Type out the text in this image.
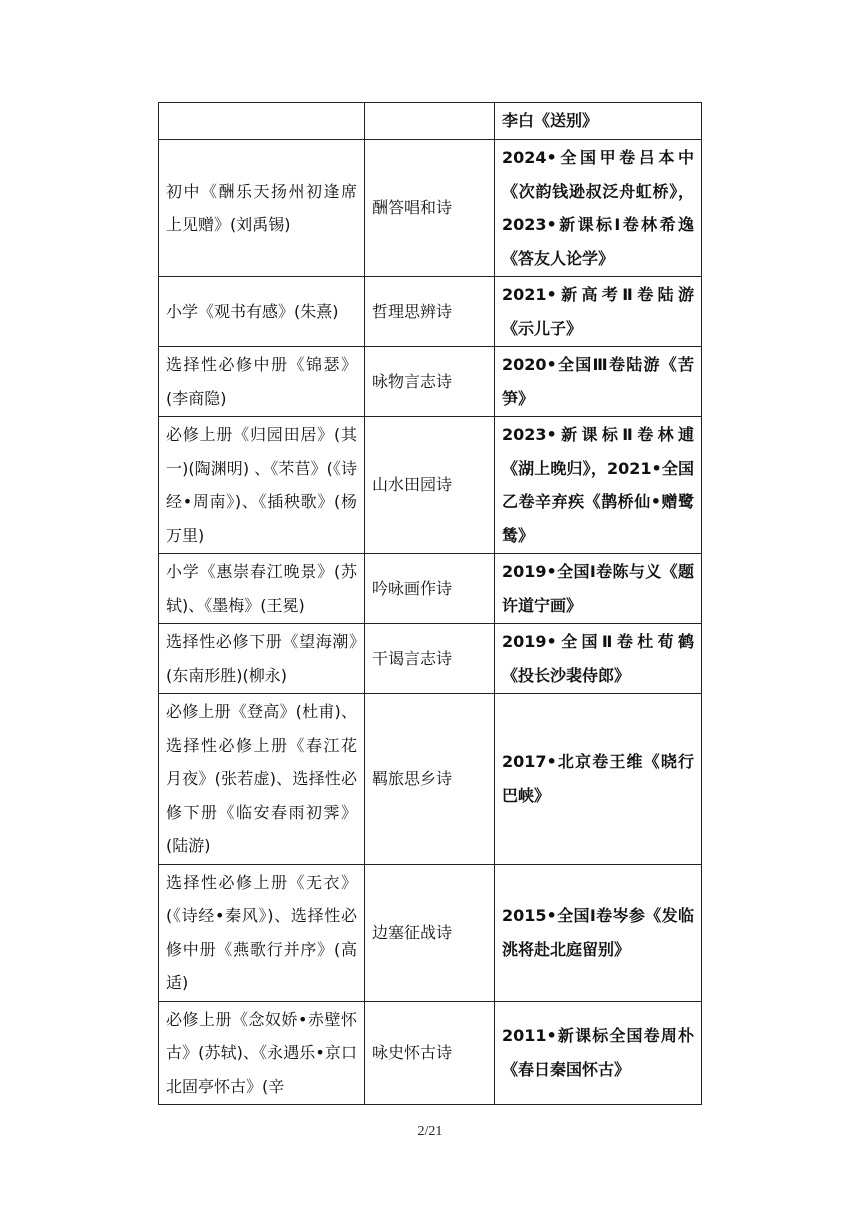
		李白《送别》
初中《酬乐天扬州初逢席上见赠》(刘禹锡)	酬答唱和诗	2024•全国甲卷吕本中《次韵钱逊叔泛舟虹桥》，2023•新课标Ⅰ卷林希逸《答友人论学》
小学《观书有感》(朱熹)	哲理思辨诗	2021•新高考Ⅱ卷陆游《示儿子》
选择性必修中册《锦瑟》(李商隐)	咏物言志诗	2020•全国Ⅲ卷陆游《苦笋》
必修上册《归园田居》(其一)(陶渊明) 、《芣苢》(《诗经•周南》)、《插秧歌》(杨万里)	山水田园诗	2023•新课标Ⅱ卷林逋《湖上晚归》，2021•全国乙卷辛弃疾《鹊桥仙•赠鹭鸶》
小学《惠崇春江晚景》(苏轼)、《墨梅》(王冕)	吟咏画作诗	2019•全国Ⅰ卷陈与义《题许道宁画》
选择性必修下册《望海潮》(东南形胜)(柳永)	干谒言志诗	2019•全国Ⅱ卷杜荀鹤《投长沙裴侍郎》
必修上册《登高》(杜甫)、选择性必修上册《春江花月夜》(张若虚)、选择性必修下册《临安春雨初霁》(陆游)	羁旅思乡诗	2017•北京卷王维《晓行巴峡》
选择性必修上册《无衣》(《诗经•秦风》)、选择性必修中册《燕歌行并序》(高适)	边塞征战诗	2015•全国Ⅰ卷岑参《发临洮将赴北庭留别》
必修上册《念奴娇•赤壁怀古》(苏轼)、《永遇乐•京口北固亭怀古》(辛	咏史怀古诗	2011•新课标全国卷周朴《春日秦国怀古》
2/21
